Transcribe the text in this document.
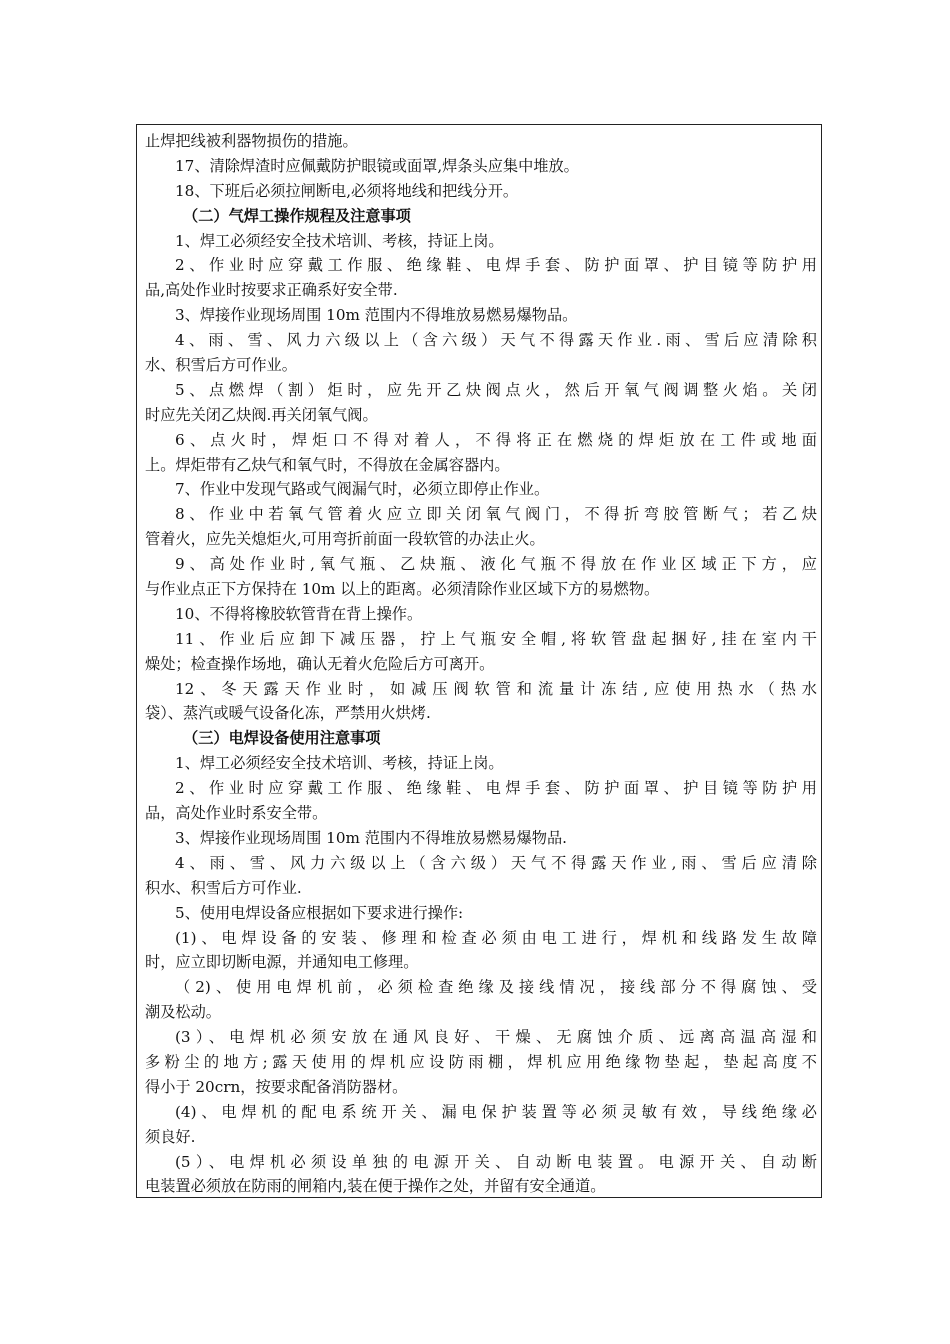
止焊把线被利器物损伤的措施。
17、清除焊渣时应佩戴防护眼镜或面罩,焊条头应集中堆放。
18、下班后必须拉闸断电,必须将地线和把线分开。
（二）气焊工操作规程及注意事项
1、焊工必须经安全技术培训、考核，持证上岗。
2、作业时应穿戴工作服、绝缘鞋、电焊手套、防护面罩、护目镜等防护用
品,高处作业时按要求正确系好安全带.
3、焊接作业现场周围 10m 范围内不得堆放易燃易爆物品。
4、雨、雪、风力六级以上（含六级）天气不得露天作业.雨、雪后应清除积
水、积雪后方可作业。
5、点燃焊（割）炬时，应先开乙炔阀点火，然后开氧气阀调整火焰。关闭
时应先关闭乙炔阀.再关闭氧气阀。
6、点火时，焊炬口不得对着人，不得将正在燃烧的焊炬放在工件或地面
上。焊炬带有乙炔气和氧气时，不得放在金属容器内。
7、作业中发现气路或气阀漏气时，必须立即停止作业。
8、作业中若氧气管着火应立即关闭氧气阀门，不得折弯胶管断气；若乙炔
管着火，应先关熄炬火,可用弯折前面一段软管的办法止火。
9、高处作业时,氧气瓶、乙炔瓶、液化气瓶不得放在作业区域正下方，应
与作业点正下方保持在 10m 以上的距离。必须清除作业区域下方的易燃物。
10、不得将橡胶软管背在背上操作。
11、作业后应卸下减压器，拧上气瓶安全帽,将软管盘起捆好,挂在室内干
燥处；检查操作场地，确认无着火危险后方可离开。
12、冬天露天作业时，如减压阀软管和流量计冻结,应使用热水（热水
袋）、蒸汽或暖气设备化冻，严禁用火烘烤.
（三）电焊设备使用注意事项
1、焊工必须经安全技术培训、考核，持证上岗。
2、作业时应穿戴工作服、绝缘鞋、电焊手套、防护面罩、护目镜等防护用
品，高处作业时系安全带。
3、焊接作业现场周围 10m 范围内不得堆放易燃易爆物品.
4、雨、雪、风力六级以上（含六级）天气不得露天作业,雨、雪后应清除
积水、积雪后方可作业.
5、使用电焊设备应根据如下要求进行操作:
(1)、电焊设备的安装、修理和检查必须由电工进行，焊机和线路发生故障
时，应立即切断电源，并通知电工修理。
（2)、使用电焊机前，必须检查绝缘及接线情况，接线部分不得腐蚀、受
潮及松动。
(3）、电焊机必须安放在通风良好、干燥、无腐蚀介质、远离高温高湿和
多粉尘的地方;露天使用的焊机应设防雨棚，焊机应用绝缘物垫起，垫起高度不
得小于 20crn，按要求配备消防器材。
(4)、电焊机的配电系统开关、漏电保护装置等必须灵敏有效，导线绝缘必
须良好.
(5）、电焊机必须设单独的电源开关、自动断电装置。电源开关、自动断
电装置必须放在防雨的闸箱内,装在便于操作之处，并留有安全通道。
